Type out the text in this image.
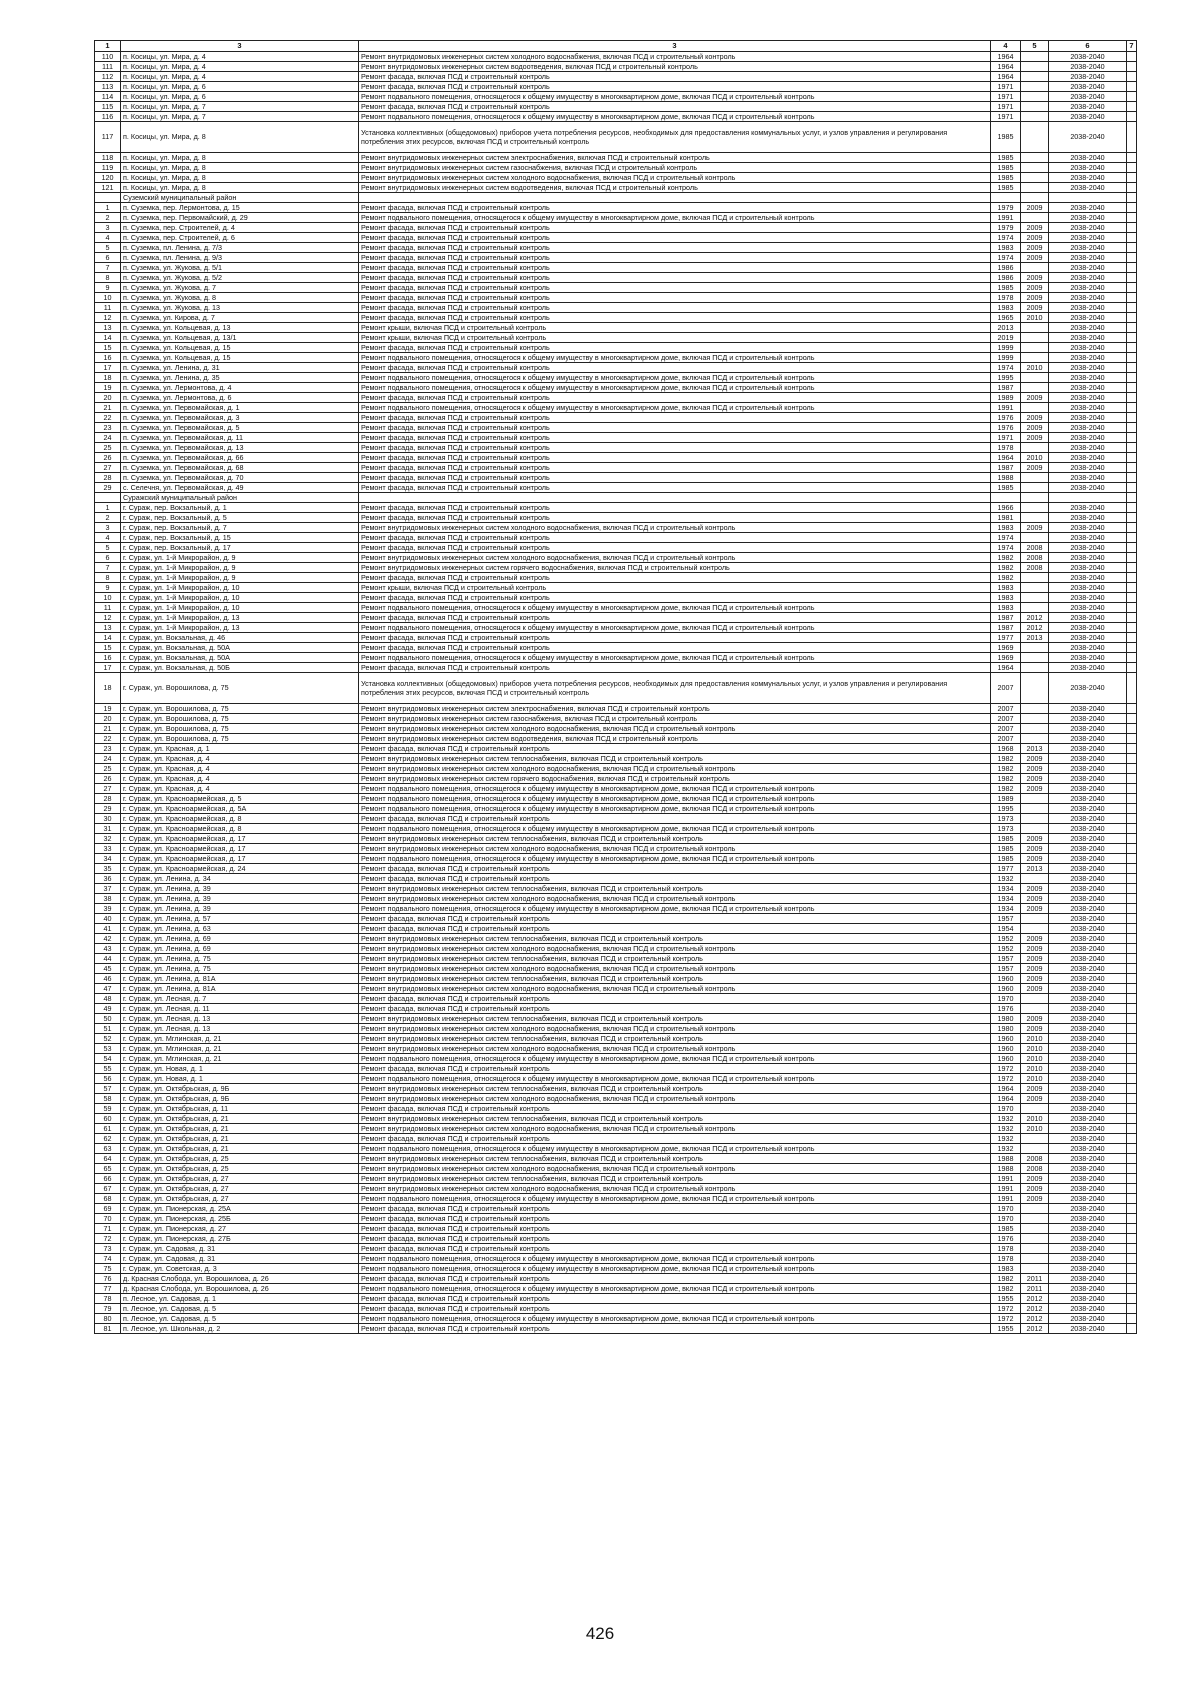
1	3	3	4	5	6	7
110	п. Косицы, ул. Мира, д. 4	Ремонт внутридомовых инженерных систем холодного водоснабжения, включая ПСД и строительный контроль	1964		2038-2040	
111	п. Косицы, ул. Мира, д. 4	Ремонт внутридомовых инженерных систем водоотведения, включая ПСД и строительный контроль	1964		2038-2040	
112	п. Косицы, ул. Мира, д. 4	Ремонт фасада, включая ПСД и строительный контроль	1964		2038-2040	
113	п. Косицы, ул. Мира, д. 6	Ремонт фасада, включая ПСД и строительный контроль	1971		2038-2040	
114	п. Косицы, ул. Мира, д. 6	Ремонт подвального помещения, относящегося к общему имуществу в многоквартирном доме, включая ПСД и строительный контроль	1971		2038-2040	
115	п. Косицы, ул. Мира, д. 7	Ремонт фасада, включая ПСД и строительный контроль	1971		2038-2040	
116	п. Косицы, ул. Мира, д. 7	Ремонт подвального помещения, относящегося к общему имуществу в многоквартирном доме, включая ПСД и строительный контроль	1971		2038-2040	
117	п. Косицы, ул. Мира, д. 8	Установка коллективных (общедомовых) приборов учета потребления ресурсов, необходимых для предоставления коммунальных услуг, и узлов управления и регулирования потребления этих ресурсов, включая ПСД и строительный контроль	1985		2038-2040	
118	п. Косицы, ул. Мира, д. 8	Ремонт внутридомовых инженерных систем электроснабжения, включая ПСД и строительный контроль	1985		2038-2040	
119	п. Косицы, ул. Мира, д. 8	Ремонт внутридомовых инженерных систем газоснабжения, включая ПСД и строительный контроль	1985		2038-2040	
120	п. Косицы, ул. Мира, д. 8	Ремонт внутридомовых инженерных систем холодного водоснабжения, включая ПСД и строительный контроль	1985		2038-2040	
121	п. Косицы, ул. Мира, д. 8	Ремонт внутридомовых инженерных систем водоотведения, включая ПСД и строительный контроль	1985		2038-2040	
	Суземский муниципальный район					
1	п. Суземка, пер. Лермонтова, д. 15	Ремонт фасада, включая ПСД и строительный контроль	1979	2009	2038-2040	
2	п. Суземка, пер. Первомайский, д. 29	Ремонт подвального помещения, относящегося к общему имуществу в многоквартирном доме, включая ПСД и строительный контроль	1991		2038-2040	
3	п. Суземка, пер. Строителей, д. 4	Ремонт фасада, включая ПСД и строительный контроль	1979	2009	2038-2040	
4	п. Суземка, пер. Строителей, д. 6	Ремонт фасада, включая ПСД и строительный контроль	1974	2009	2038-2040	
5	п. Суземка, пл. Ленина, д. 7/3	Ремонт фасада, включая ПСД и строительный контроль	1983	2009	2038-2040	
6	п. Суземка, пл. Ленина, д. 9/3	Ремонт фасада, включая ПСД и строительный контроль	1974	2009	2038-2040	
7	п. Суземка, ул. Жукова, д. 5/1	Ремонт фасада, включая ПСД и строительный контроль	1986		2038-2040	
8	п. Суземка, ул. Жукова, д. 5/2	Ремонт фасада, включая ПСД и строительный контроль	1986	2009	2038-2040	
9	п. Суземка, ул. Жукова, д. 7	Ремонт фасада, включая ПСД и строительный контроль	1985	2009	2038-2040	
10	п. Суземка, ул. Жукова, д. 8	Ремонт фасада, включая ПСД и строительный контроль	1978	2009	2038-2040	
11	п. Суземка, ул. Жукова, д. 13	Ремонт фасада, включая ПСД и строительный контроль	1983	2009	2038-2040	
12	п. Суземка, ул. Кирова, д. 7	Ремонт фасада, включая ПСД и строительный контроль	1965	2010	2038-2040	
13	п. Суземка, ул. Кольцевая, д. 13	Ремонт крыши, включая ПСД и строительный контроль	2013		2038-2040	
14	п. Суземка, ул. Кольцевая, д. 13/1	Ремонт крыши, включая ПСД и строительный контроль	2019		2038-2040	
15	п. Суземка, ул. Кольцевая, д. 15	Ремонт фасада, включая ПСД и строительный контроль	1999		2038-2040	
16	п. Суземка, ул. Кольцевая, д. 15	Ремонт подвального помещения, относящегося к общему имуществу в многоквартирном доме, включая ПСД и строительный контроль	1999		2038-2040	
17	п. Суземка, ул. Ленина, д. 31	Ремонт фасада, включая ПСД и строительный контроль	1974	2010	2038-2040	
18	п. Суземка, ул. Ленина, д. 35	Ремонт подвального помещения, относящегося к общему имуществу в многоквартирном доме, включая ПСД и строительный контроль	1995		2038-2040	
19	п. Суземка, ул. Лермонтова, д. 4	Ремонт подвального помещения, относящегося к общему имуществу в многоквартирном доме, включая ПСД и строительный контроль	1987		2038-2040	
20	п. Суземка, ул. Лермонтова, д. 6	Ремонт фасада, включая ПСД и строительный контроль	1989	2009	2038-2040	
21	п. Суземка, ул. Первомайская, д. 1	Ремонт подвального помещения, относящегося к общему имуществу в многоквартирном доме, включая ПСД и строительный контроль	1991		2038-2040	
22	п. Суземка, ул. Первомайская, д. 3	Ремонт фасада, включая ПСД и строительный контроль	1976	2009	2038-2040	
23	п. Суземка, ул. Первомайская, д. 5	Ремонт фасада, включая ПСД и строительный контроль	1976	2009	2038-2040	
24	п. Суземка, ул. Первомайская, д. 11	Ремонт фасада, включая ПСД и строительный контроль	1971	2009	2038-2040	
25	п. Суземка, ул. Первомайская, д. 13	Ремонт фасада, включая ПСД и строительный контроль	1978		2038-2040	
26	п. Суземка, ул. Первомайская, д. 66	Ремонт фасада, включая ПСД и строительный контроль	1964	2010	2038-2040	
27	п. Суземка, ул. Первомайская, д. 68	Ремонт фасада, включая ПСД и строительный контроль	1987	2009	2038-2040	
28	п. Суземка, ул. Первомайская, д. 70	Ремонт фасада, включая ПСД и строительный контроль	1988		2038-2040	
29	с. Селечня, ул. Первомайская, д. 49	Ремонт фасада, включая ПСД и строительный контроль	1985		2038-2040	
	Суражский муниципальный район					
1	г. Сураж, пер. Вокзальный, д. 1	Ремонт фасада, включая ПСД и строительный контроль	1966		2038-2040	
2	г. Сураж, пер. Вокзальный, д. 5	Ремонт фасада, включая ПСД и строительный контроль	1981		2038-2040	
3	г. Сураж, пер. Вокзальный, д. 7	Ремонт внутридомовых инженерных систем холодного водоснабжения, включая ПСД и строительный контроль	1983	2009	2038-2040	
4	г. Сураж, пер. Вокзальный, д. 15	Ремонт фасада, включая ПСД и строительный контроль	1974		2038-2040	
5	г. Сураж, пер. Вокзальный, д. 17	Ремонт фасада, включая ПСД и строительный контроль	1974	2008	2038-2040	
6	г. Сураж, ул. 1-й Микрорайон, д. 9	Ремонт внутридомовых инженерных систем холодного водоснабжения, включая ПСД и строительный контроль	1982	2008	2038-2040	
7	г. Сураж, ул. 1-й Микрорайон, д. 9	Ремонт внутридомовых инженерных систем горячего водоснабжения, включая ПСД и строительный контроль	1982	2008	2038-2040	
8	г. Сураж, ул. 1-й Микрорайон, д. 9	Ремонт фасада, включая ПСД и строительный контроль	1982		2038-2040	
9	г. Сураж, ул. 1-й Микрорайон, д. 10	Ремонт крыши, включая ПСД и строительный контроль	1983		2038-2040	
10	г. Сураж, ул. 1-й Микрорайон, д. 10	Ремонт фасада, включая ПСД и строительный контроль	1983		2038-2040	
11	г. Сураж, ул. 1-й Микрорайон, д. 10	Ремонт подвального помещения, относящегося к общему имуществу в многоквартирном доме, включая ПСД и строительный контроль	1983		2038-2040	
12	г. Сураж, ул. 1-й Микрорайон, д. 13	Ремонт фасада, включая ПСД и строительный контроль	1987	2012	2038-2040	
13	г. Сураж, ул. 1-й Микрорайон, д. 13	Ремонт подвального помещения, относящегося к общему имуществу в многоквартирном доме, включая ПСД и строительный контроль	1987	2012	2038-2040	
14	г. Сураж, ул. Вокзальная, д. 46	Ремонт фасада, включая ПСД и строительный контроль	1977	2013	2038-2040	
15	г. Сураж, ул. Вокзальная, д. 50А	Ремонт фасада, включая ПСД и строительный контроль	1969		2038-2040	
16	г. Сураж, ул. Вокзальная, д. 50А	Ремонт подвального помещения, относящегося к общему имуществу в многоквартирном доме, включая ПСД и строительный контроль	1969		2038-2040	
17	г. Сураж, ул. Вокзальная, д. 50Б	Ремонт фасада, включая ПСД и строительный контроль	1964		2038-2040	
18	г. Сураж, ул. Ворошилова, д. 75	Установка коллективных (общедомовых) приборов учета потребления ресурсов, необходимых для предоставления коммунальных услуг, и узлов управления и регулирования потребления этих ресурсов, включая ПСД и строительный контроль	2007		2038-2040	
19	г. Сураж, ул. Ворошилова, д. 75	Ремонт внутридомовых инженерных систем электроснабжения, включая ПСД и строительный контроль	2007		2038-2040	
20	г. Сураж, ул. Ворошилова, д. 75	Ремонт внутридомовых инженерных систем газоснабжения, включая ПСД и строительный контроль	2007		2038-2040	
21	г. Сураж, ул. Ворошилова, д. 75	Ремонт внутридомовых инженерных систем холодного водоснабжения, включая ПСД и строительный контроль	2007		2038-2040	
22	г. Сураж, ул. Ворошилова, д. 75	Ремонт внутридомовых инженерных систем водоотведения, включая ПСД и строительный контроль	2007		2038-2040	
23	г. Сураж, ул. Красная, д. 1	Ремонт фасада, включая ПСД и строительный контроль	1968	2013	2038-2040	
24	г. Сураж, ул. Красная, д. 4	Ремонт внутридомовых инженерных систем теплоснабжения, включая ПСД и строительный контроль	1982	2009	2038-2040	
25	г. Сураж, ул. Красная, д. 4	Ремонт внутридомовых инженерных систем холодного водоснабжения, включая ПСД и строительный контроль	1982	2009	2038-2040	
26	г. Сураж, ул. Красная, д. 4	Ремонт внутридомовых инженерных систем горячего водоснабжения, включая ПСД и строительный контроль	1982	2009	2038-2040	
27	г. Сураж, ул. Красная, д. 4	Ремонт подвального помещения, относящегося к общему имуществу в многоквартирном доме, включая ПСД и строительный контроль	1982	2009	2038-2040	
28	г. Сураж, ул. Красноармейская, д. 5	Ремонт подвального помещения, относящегося к общему имуществу в многоквартирном доме, включая ПСД и строительный контроль	1989		2038-2040	
29	г. Сураж, ул. Красноармейская, д. 5А	Ремонт подвального помещения, относящегося к общему имуществу в многоквартирном доме, включая ПСД и строительный контроль	1995		2038-2040	
30	г. Сураж, ул. Красноармейская, д. 8	Ремонт фасада, включая ПСД и строительный контроль	1973		2038-2040	
31	г. Сураж, ул. Красноармейская, д. 8	Ремонт подвального помещения, относящегося к общему имуществу в многоквартирном доме, включая ПСД и строительный контроль	1973		2038-2040	
32	г. Сураж, ул. Красноармейская, д. 17	Ремонт внутридомовых инженерных систем теплоснабжения, включая ПСД и строительный контроль	1985	2009	2038-2040	
33	г. Сураж, ул. Красноармейская, д. 17	Ремонт внутридомовых инженерных систем холодного водоснабжения, включая ПСД и строительный контроль	1985	2009	2038-2040	
34	г. Сураж, ул. Красноармейская, д. 17	Ремонт подвального помещения, относящегося к общему имуществу в многоквартирном доме, включая ПСД и строительный контроль	1985	2009	2038-2040	
35	г. Сураж, ул. Красноармейская, д. 24	Ремонт фасада, включая ПСД и строительный контроль	1977	2013	2038-2040	
36	г. Сураж, ул. Ленина, д. 34	Ремонт фасада, включая ПСД и строительный контроль	1932		2038-2040	
37	г. Сураж, ул. Ленина, д. 39	Ремонт внутридомовых инженерных систем теплоснабжения, включая ПСД и строительный контроль	1934	2009	2038-2040	
38	г. Сураж, ул. Ленина, д. 39	Ремонт внутридомовых инженерных систем холодного водоснабжения, включая ПСД и строительный контроль	1934	2009	2038-2040	
39	г. Сураж, ул. Ленина, д. 39	Ремонт подвального помещения, относящегося к общему имуществу в многоквартирном доме, включая ПСД и строительный контроль	1934	2009	2038-2040	
40	г. Сураж, ул. Ленина, д. 57	Ремонт фасада, включая ПСД и строительный контроль	1957		2038-2040	
41	г. Сураж, ул. Ленина, д. 63	Ремонт фасада, включая ПСД и строительный контроль	1954		2038-2040	
42	г. Сураж, ул. Ленина, д. 69	Ремонт внутридомовых инженерных систем теплоснабжения, включая ПСД и строительный контроль	1952	2009	2038-2040	
43	г. Сураж, ул. Ленина, д. 69	Ремонт внутридомовых инженерных систем холодного водоснабжения, включая ПСД и строительный контроль	1952	2009	2038-2040	
44	г. Сураж, ул. Ленина, д. 75	Ремонт внутридомовых инженерных систем теплоснабжения, включая ПСД и строительный контроль	1957	2009	2038-2040	
45	г. Сураж, ул. Ленина, д. 75	Ремонт внутридомовых инженерных систем холодного водоснабжения, включая ПСД и строительный контроль	1957	2009	2038-2040	
46	г. Сураж, ул. Ленина, д. 81А	Ремонт внутридомовых инженерных систем теплоснабжения, включая ПСД и строительный контроль	1960	2009	2038-2040	
47	г. Сураж, ул. Ленина, д. 81А	Ремонт внутридомовых инженерных систем холодного водоснабжения, включая ПСД и строительный контроль	1960	2009	2038-2040	
48	г. Сураж, ул. Лесная, д. 7	Ремонт фасада, включая ПСД и строительный контроль	1970		2038-2040	
49	г. Сураж, ул. Лесная, д. 11	Ремонт фасада, включая ПСД и строительный контроль	1976		2038-2040	
50	г. Сураж, ул. Лесная, д. 13	Ремонт внутридомовых инженерных систем теплоснабжения, включая ПСД и строительный контроль	1980	2009	2038-2040	
51	г. Сураж, ул. Лесная, д. 13	Ремонт внутридомовых инженерных систем холодного водоснабжения, включая ПСД и строительный контроль	1980	2009	2038-2040	
52	г. Сураж, ул. Мглинская, д. 21	Ремонт внутридомовых инженерных систем теплоснабжения, включая ПСД и строительный контроль	1960	2010	2038-2040	
53	г. Сураж, ул. Мглинская, д. 21	Ремонт внутридомовых инженерных систем холодного водоснабжения, включая ПСД и строительный контроль	1960	2010	2038-2040	
54	г. Сураж, ул. Мглинская, д. 21	Ремонт подвального помещения, относящегося к общему имуществу в многоквартирном доме, включая ПСД и строительный контроль	1960	2010	2038-2040	
55	г. Сураж, ул. Новая, д. 1	Ремонт фасада, включая ПСД и строительный контроль	1972	2010	2038-2040	
56	г. Сураж, ул. Новая, д. 1	Ремонт подвального помещения, относящегося к общему имуществу в многоквартирном доме, включая ПСД и строительный контроль	1972	2010	2038-2040	
57	г. Сураж, ул. Октябрьская, д. 9Б	Ремонт внутридомовых инженерных систем теплоснабжения, включая ПСД и строительный контроль	1964	2009	2038-2040	
58	г. Сураж, ул. Октябрьская, д. 9Б	Ремонт внутридомовых инженерных систем холодного водоснабжения, включая ПСД и строительный контроль	1964	2009	2038-2040	
59	г. Сураж, ул. Октябрьская, д. 11	Ремонт фасада, включая ПСД и строительный контроль	1970		2038-2040	
60	г. Сураж, ул. Октябрьская, д. 21	Ремонт внутридомовых инженерных систем теплоснабжения, включая ПСД и строительный контроль	1932	2010	2038-2040	
61	г. Сураж, ул. Октябрьская, д. 21	Ремонт внутридомовых инженерных систем холодного водоснабжения, включая ПСД и строительный контроль	1932	2010	2038-2040	
62	г. Сураж, ул. Октябрьская, д. 21	Ремонт фасада, включая ПСД и строительный контроль	1932		2038-2040	
63	г. Сураж, ул. Октябрьская, д. 21	Ремонт подвального помещения, относящегося к общему имуществу в многоквартирном доме, включая ПСД и строительный контроль	1932		2038-2040	
64	г. Сураж, ул. Октябрьская, д. 25	Ремонт внутридомовых инженерных систем теплоснабжения, включая ПСД и строительный контроль	1988	2008	2038-2040	
65	г. Сураж, ул. Октябрьская, д. 25	Ремонт внутридомовых инженерных систем холодного водоснабжения, включая ПСД и строительный контроль	1988	2008	2038-2040	
66	г. Сураж, ул. Октябрьская, д. 27	Ремонт внутридомовых инженерных систем теплоснабжения, включая ПСД и строительный контроль	1991	2009	2038-2040	
67	г. Сураж, ул. Октябрьская, д. 27	Ремонт внутридомовых инженерных систем холодного водоснабжения, включая ПСД и строительный контроль	1991	2009	2038-2040	
68	г. Сураж, ул. Октябрьская, д. 27	Ремонт подвального помещения, относящегося к общему имуществу в многоквартирном доме, включая ПСД и строительный контроль	1991	2009	2038-2040	
69	г. Сураж, ул. Пионерская, д. 25А	Ремонт фасада, включая ПСД и строительный контроль	1970		2038-2040	
70	г. Сураж, ул. Пионерская, д. 25Б	Ремонт фасада, включая ПСД и строительный контроль	1970		2038-2040	
71	г. Сураж, ул. Пионерская, д. 27	Ремонт фасада, включая ПСД и строительный контроль	1985		2038-2040	
72	г. Сураж, ул. Пионерская, д. 27Б	Ремонт фасада, включая ПСД и строительный контроль	1976		2038-2040	
73	г. Сураж, ул. Садовая, д. 31	Ремонт фасада, включая ПСД и строительный контроль	1978		2038-2040	
74	г. Сураж, ул. Садовая, д. 31	Ремонт подвального помещения, относящегося к общему имуществу в многоквартирном доме, включая ПСД и строительный контроль	1978		2038-2040	
75	г. Сураж, ул. Советская, д. 3	Ремонт подвального помещения, относящегося к общему имуществу в многоквартирном доме, включая ПСД и строительный контроль	1983		2038-2040	
76	д. Красная Слобода, ул. Ворошилова, д. 26	Ремонт фасада, включая ПСД и строительный контроль	1982	2011	2038-2040	
77	д. Красная Слобода, ул. Ворошилова, д. 26	Ремонт подвального помещения, относящегося к общему имуществу в многоквартирном доме, включая ПСД и строительный контроль	1982	2011	2038-2040	
78	п. Лесное, ул. Садовая, д. 1	Ремонт фасада, включая ПСД и строительный контроль	1955	2012	2038-2040	
79	п. Лесное, ул. Садовая, д. 5	Ремонт фасада, включая ПСД и строительный контроль	1972	2012	2038-2040	
80	п. Лесное, ул. Садовая, д. 5	Ремонт подвального помещения, относящегося к общему имуществу в многоквартирном доме, включая ПСД и строительный контроль	1972	2012	2038-2040	
81	п. Лесное, ул. Школьная, д. 2	Ремонт фасада, включая ПСД и строительный контроль	1955	2012	2038-2040	
426
